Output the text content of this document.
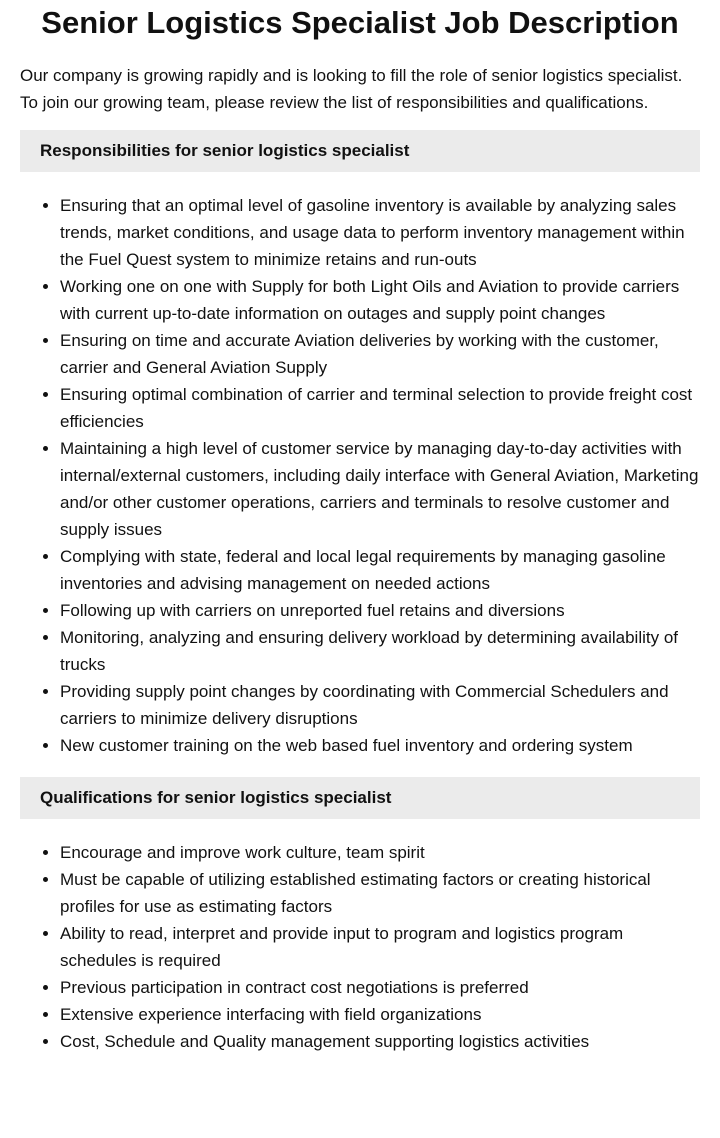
Senior Logistics Specialist Job Description

Our company is growing rapidly and is looking to fill the role of senior logistics specialist. To join our growing team, please review the list of responsibilities and qualifications.

Responsibilities for senior logistics specialist
• Ensuring that an optimal level of gasoline inventory is available by analyzing sales trends, market conditions, and usage data to perform inventory management within the Fuel Quest system to minimize retains and run-outs
• Working one on one with Supply for both Light Oils and Aviation to provide carriers with current up-to-date information on outages and supply point changes
• Ensuring on time and accurate Aviation deliveries by working with the customer, carrier and General Aviation Supply
• Ensuring optimal combination of carrier and terminal selection to provide freight cost efficiencies
• Maintaining a high level of customer service by managing day-to-day activities with internal/external customers, including daily interface with General Aviation, Marketing and/or other customer operations, carriers and terminals to resolve customer and supply issues
• Complying with state, federal and local legal requirements by managing gasoline inventories and advising management on needed actions
• Following up with carriers on unreported fuel retains and diversions
• Monitoring, analyzing and ensuring delivery workload by determining availability of trucks
• Providing supply point changes by coordinating with Commercial Schedulers and carriers to minimize delivery disruptions
• New customer training on the web based fuel inventory and ordering system
Qualifications for senior logistics specialist
• Encourage and improve work culture, team spirit
• Must be capable of utilizing established estimating factors or creating historical profiles for use as estimating factors
• Ability to read, interpret and provide input to program and logistics program schedules is required
• Previous participation in contract cost negotiations is preferred
• Extensive experience interfacing with field organizations
• Cost, Schedule and Quality management supporting logistics activities
